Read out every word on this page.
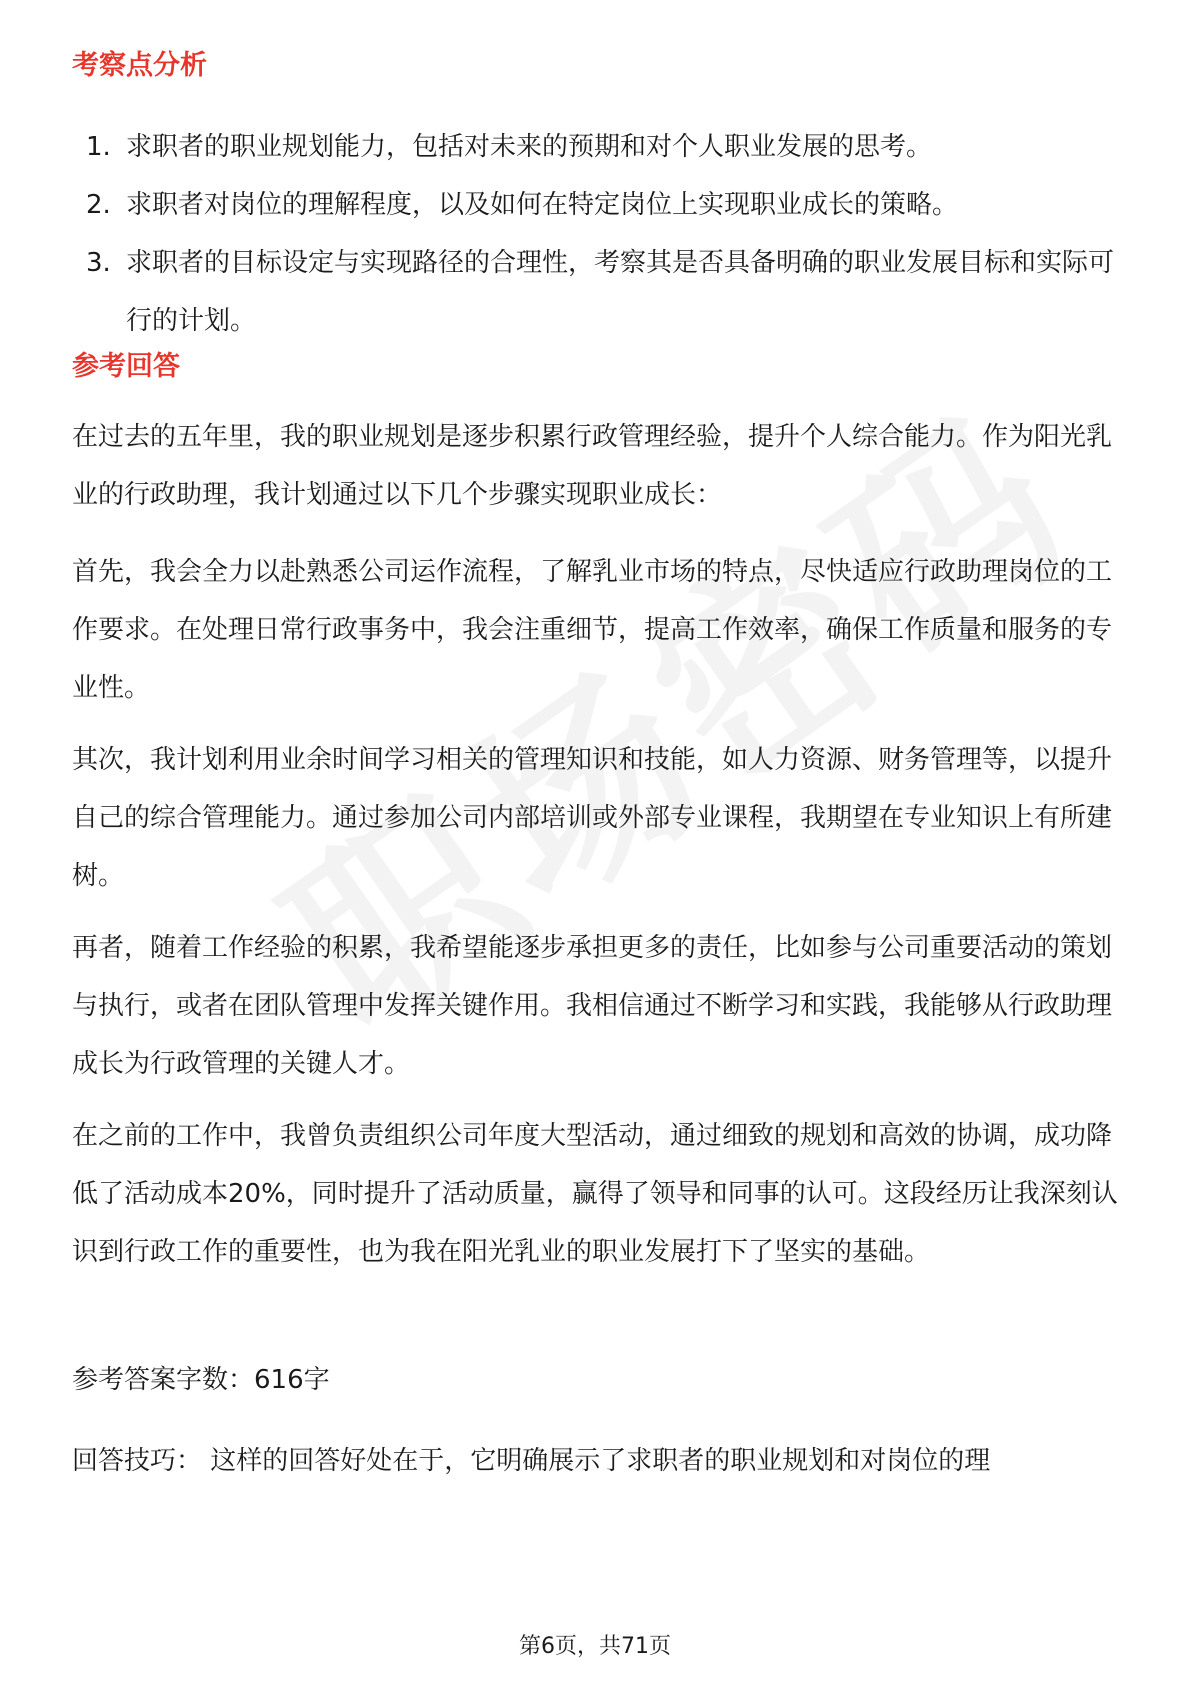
考察点分析
1. 求职者的职业规划能力，包括对未来的预期和对个人职业发展的思考。
2. 求职者对岗位的理解程度，以及如何在特定岗位上实现职业成长的策略。
3. 求职者的目标设定与实现路径的合理性，考察其是否具备明确的职业发展目标和实际可行的计划。
参考回答

在过去的五年里，我的职业规划是逐步积累行政管理经验，提升个人综合能力。作为阳光乳业的行政助理，我计划通过以下几个步骤实现职业成长：

首先，我会全力以赴熟悉公司运作流程，了解乳业市场的特点，尽快适应行政助理岗位的工作要求。在处理日常行政事务中，我会注重细节，提高工作效率，确保工作质量和服务的专业性。

其次，我计划利用业余时间学习相关的管理知识和技能，如人力资源、财务管理等，以提升自己的综合管理能力。通过参加公司内部培训或外部专业课程，我期望在专业知识上有所建树。

再者，随着工作经验的积累，我希望能逐步承担更多的责任，比如参与公司重要活动的策划与执行，或者在团队管理中发挥关键作用。我相信通过不断学习和实践，我能够从行政助理成长为行政管理的关键人才。

在之前的工作中，我曾负责组织公司年度大型活动，通过细致的规划和高效的协调，成功降低了活动成本20%，同时提升了活动质量，赢得了领导和同事的认可。这段经历让我深刻认识到行政工作的重要性，也为我在阳光乳业的职业发展打下了坚实的基础。

参考答案字数：616字

回答技巧： 这样的回答好处在于，它明确展示了求职者的职业规划和对岗位的理

第6页，共71页
